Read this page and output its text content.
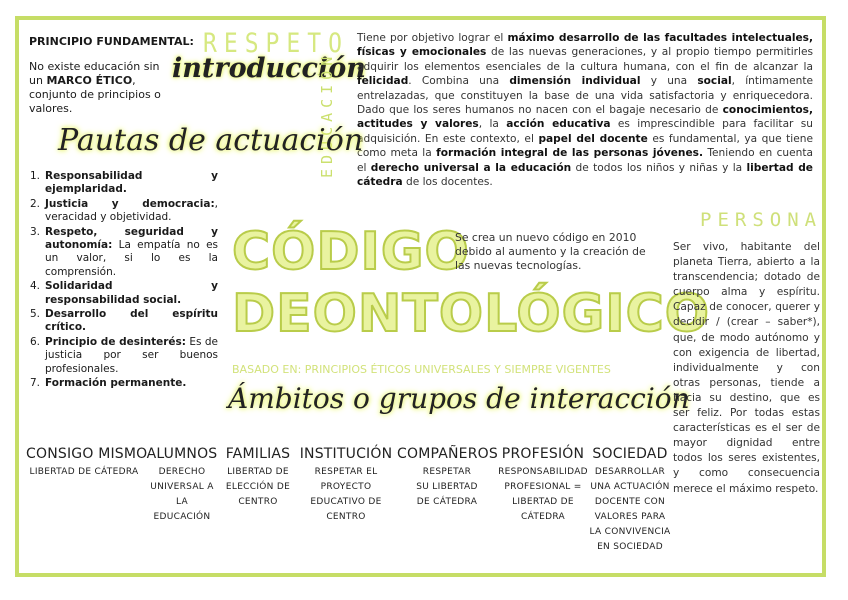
PRINCIPIO FUNDAMENTAL: RESPETO
No existe educación sin un MARCO ÉTICO, conjunto de principios o valores.
introducción
EDUCACIÓN
Tiene por objetivo lograr el máximo desarrollo de las facultades intelectuales, físicas y emocionales de las nuevas generaciones, y al propio tiempo permitirles adquirir los elementos esenciales de la cultura humana, con el fin de alcanzar la felicidad. Combina una dimensión individual y una social, íntimamente entrelazadas, que constituyen la base de una vida satisfactoria y enriquecedora. Dado que los seres humanos no nacen con el bagaje necesario de conocimientos, actitudes y valores, la acción educativa es imprescindible para facilitar su adquisición. En este contexto, el papel del docente es fundamental, ya que tiene como meta la formación integral de las personas jóvenes. Teniendo en cuenta el derecho universal a la educación de todos los niños y niñas y la libertad de cátedra de los docentes.
Pautas de actuación
1. Responsabilidad y ejemplaridad.
2. Justicia y democracia:, veracidad y objetividad.
3. Respeto, seguridad y autonomía: La empatía no es un valor, si lo es la comprensión.
4. Solidaridad y responsabilidad social.
5. Desarrollo del espíritu crítico.
6. Principio de desinterés: Es de justicia por ser buenos profesionales.
7. Formación permanente.
CÓDIGO
DEONTOLÓGICO
Se crea un nuevo código en 2010 debido al aumento y la creación de las nuevas tecnologías.
BASADO EN: PRINCIPIOS ÉTICOS UNIVERSALES Y SIEMPRE VIGENTES
Ámbitos o grupos de interacción
PERSONA
Ser vivo, habitante del planeta Tierra, abierto a la transcendencia; dotado de cuerpo alma y espíritu. Capaz de conocer, querer y decidir / (crear – saber*), que, de modo autónomo y con exigencia de libertad, individualmente y con otras personas, tiende a hacia su destino, que es ser feliz. Por todas estas características es el ser de mayor dignidad entre todos los seres existentes, y como consecuencia merece el máximo respeto.
CONSIGO MISMO
LIBERTAD DE CÁTEDRA
ALUMNOS
DERECHO UNIVERSAL A LA EDUCACIÓN
FAMILIAS
LIBERTAD DE ELECCIÓN DE CENTRO
INSTITUCIÓN
RESPETAR EL PROYECTO EDUCATIVO DE CENTRO
COMPAÑEROS
RESPETAR SU LIBERTAD DE CÁTEDRA
PROFESIÓN
RESPONSABILIDAD PROFESIONAL = LIBERTAD DE CÁTEDRA
SOCIEDAD
DESARROLLAR UNA ACTUACIÓN DOCENTE CON VALORES PARA LA CONVIVENCIA EN SOCIEDAD
